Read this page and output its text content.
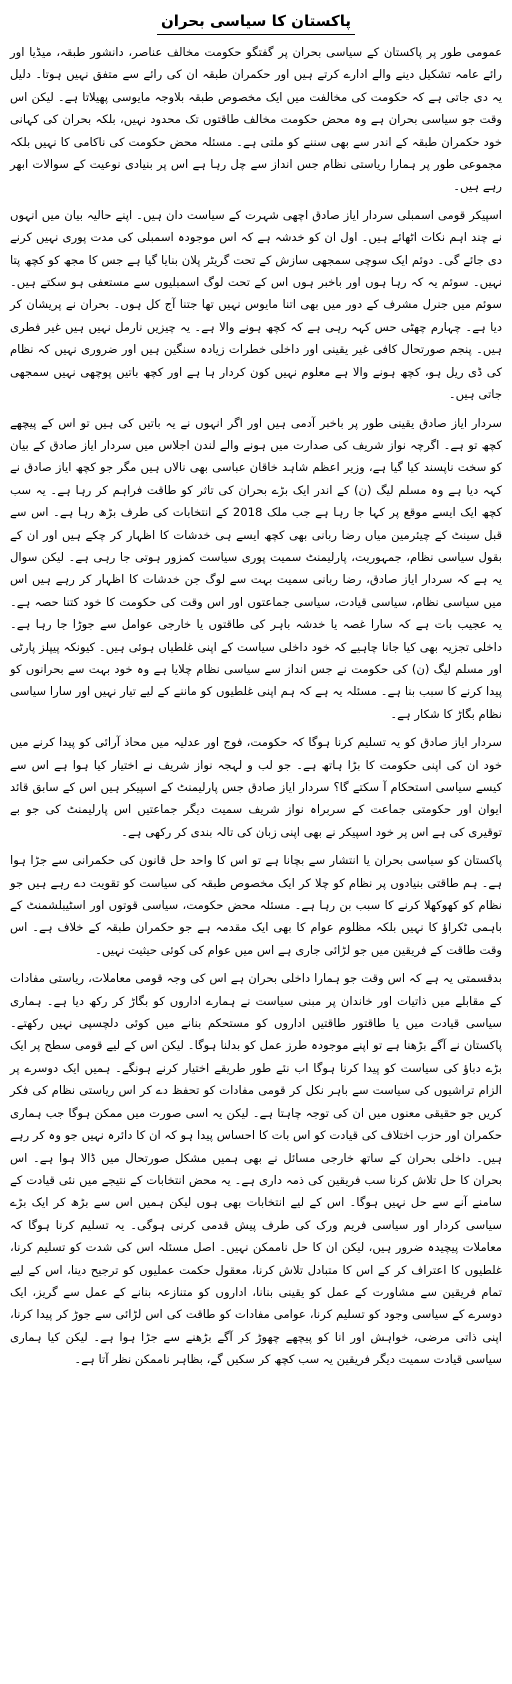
پاکستان کا سیاسی بحران

عمومی طور پر پاکستان کے سیاسی بحران پر گفتگو حکومت مخالف عناصر، دانشور طبقہ، میڈیا اور رائے عامہ تشکیل دینے والے ادارے کرتے ہیں اور حکمران طبقہ ان کی رائے سے متفق نہیں ہوتا۔ دلیل یہ دی جاتی ہے کہ حکومت کی مخالفت میں ایک مخصوص طبقہ بلاوجہ مایوسی پھیلاتا ہے۔ لیکن اس وقت جو سیاسی بحران ہے وہ محض حکومت مخالف طاقتوں تک محدود نہیں، بلکہ بحران کی کہانی خود حکمران طبقہ کے اندر سے بھی سننے کو ملتی ہے۔ مسئلہ محض حکومت کی ناکامی کا نہیں بلکہ مجموعی طور پر ہمارا ریاستی نظام جس انداز سے چل رہا ہے اس پر بنیادی نوعیت کے سوالات ابھر رہے ہیں۔

اسپیکر قومی اسمبلی سردار ایاز صادق اچھی شہرت کے سیاست دان ہیں۔ اپنے حالیہ بیان میں انہوں نے چند اہم نکات اٹھائے ہیں۔ اول ان کو خدشہ ہے کہ اس موجودہ اسمبلی کی مدت پوری نہیں کرنے دی جائے گی۔ دوئم ایک سوچی سمجھی سازش کے تحت گریٹر پلان بنایا گیا ہے جس کا مجھ کو کچھ پتا نہیں۔ سوئم یہ کہ رہا ہوں اور باخبر ہوں اس کے تحت لوگ اسمبلیوں سے مستعفی ہو سکتے ہیں۔ سوئم میں جنرل مشرف کے دور میں بھی اتنا مایوس نہیں تھا جتنا آج کل ہوں۔ بحران نے پریشان کر دیا ہے۔ چہارم چھٹی حس کہہ رہی ہے کہ کچھ ہونے والا ہے۔ یہ چیزیں نارمل نہیں ہیں غیر فطری ہیں۔ پنجم صورتحال کافی غیر یقینی اور داخلی خطرات زیادہ سنگین ہیں اور ضروری نہیں کہ نظام کی ڈی ریل ہو، کچھ ہونے والا ہے معلوم نہیں کون کردار ہا ہے اور کچھ باتیں پوچھی نہیں سمجھی جاتی ہیں۔

سردار ایاز صادق یقینی طور پر باخبر آدمی ہیں اور اگر انہوں نے یہ باتیں کی ہیں تو اس کے پیچھے کچھ تو ہے۔ اگرچہ نواز شریف کی صدارت میں ہونے والے لندن اجلاس میں سردار ایاز صادق کے بیان کو سخت ناپسند کیا گیا ہے، وزیر اعظم شاہد خاقان عباسی بھی نالاں ہیں مگر جو کچھ ایاز صادق نے کہہ دیا ہے وہ مسلم لیگ (ن) کے اندر ایک بڑے بحران کی تاثر کو طاقت فراہم کر رہا ہے۔ یہ سب کچھ ایک ایسے موقع پر کہا جا رہا ہے جب ملک 2018 کے انتخابات کی طرف بڑھ رہا ہے۔ اس سے قبل سینٹ کے چیئرمین میاں رضا ربانی بھی کچھ ایسے ہی خدشات کا اظہار کر چکے ہیں اور ان کے بقول سیاسی نظام، جمہوریت، پارلیمنٹ سمیت پوری سیاست کمزور ہوتی جا رہی ہے۔ لیکن سوال یہ ہے کہ سردار ایاز صادق، رضا ربانی سمیت بہت سے لوگ جن خدشات کا اظہار کر رہے ہیں اس میں سیاسی نظام، سیاسی قیادت، سیاسی جماعتوں اور اس وقت کی حکومت کا خود کتنا حصہ ہے۔ یہ عجیب بات ہے کہ سارا غصہ یا خدشہ باہر کی طاقتوں یا خارجی عوامل سے جوڑا جا رہا ہے۔ داخلی تجزیہ بھی کیا جانا چاہیے کہ خود داخلی سیاست کے اپنی غلطیاں ہوئی ہیں۔ کیونکہ پیپلز پارٹی اور مسلم لیگ (ن) کی حکومت نے جس انداز سے سیاسی نظام چلایا ہے وہ خود بہت سے بحرانوں کو پیدا کرنے کا سبب بنا ہے۔ مسئلہ یہ ہے کہ ہم اپنی غلطیوں کو ماننے کے لیے تیار نہیں اور سارا سیاسی نظام بگاڑ کا شکار ہے۔

سردار ایاز صادق کو یہ تسلیم کرنا ہوگا کہ حکومت، فوج اور عدلیہ میں محاذ آرائی کو پیدا کرنے میں خود ان کی اپنی حکومت کا بڑا ہاتھ ہے۔ جو لب و لہجہ نواز شریف نے اختیار کیا ہوا ہے اس سے کیسے سیاسی استحکام آ سکتے گا؟ سردار ایاز صادق جس پارلیمنٹ کے اسپیکر ہیں اس کے سابق قائد ایوان اور حکومتی جماعت کے سربراہ نواز شریف سمیت دیگر جماعتیں اس پارلیمنٹ کی جو بے توقیری کی ہے اس پر خود اسپیکر نے بھی اپنی زبان کی تالہ بندی کر رکھی ہے۔

پاکستان کو سیاسی بحران یا انتشار سے بچانا ہے تو اس کا واحد حل قانون کی حکمرانی سے جڑا ہوا ہے۔ ہم طاقتی بنیادوں پر نظام کو چلا کر ایک مخصوص طبقہ کی سیاست کو تقویت دے رہے ہیں جو نظام کو کھوکھلا کرنے کا سبب بن رہا ہے۔ مسئلہ محض حکومت، سیاسی قوتوں اور اسٹیبلشمنٹ کے باہمی ٹکراؤ کا نہیں بلکہ مظلوم عوام کا بھی ایک مقدمہ ہے جو حکمران طبقہ کے خلاف ہے۔ اس وقت طاقت کے فریقین میں جو لڑائی جاری ہے اس میں عوام کی کوئی حیثیت نہیں۔

بدقسمتی یہ ہے کہ اس وقت جو ہمارا داخلی بحران ہے اس کی وجہ قومی معاملات، ریاستی مفادات کے مقابلے میں ذاتیات اور خاندان پر مبنی سیاست نے ہمارے اداروں کو بگاڑ کر رکھ دیا ہے۔ ہماری سیاسی قیادت میں یا طاقتور طاقتیں اداروں کو مستحکم بنانے میں کوئی دلچسپی نہیں رکھتے۔ پاکستان نے آگے بڑھنا ہے تو اپنے موجودہ طرز عمل کو بدلنا ہوگا۔ لیکن اس کے لیے قومی سطح پر ایک بڑے دباؤ کی سیاست کو پیدا کرنا ہوگا اب نئے طور طریقے اختیار کرنے ہونگے۔ ہمیں ایک دوسرے پر الزام تراشیوں کی سیاست سے باہر نکل کر قومی مفادات کو تحفظ دے کر اس ریاستی نظام کی فکر کریں جو حقیقی معنوں میں ان کی توجہ چاہتا ہے۔ لیکن یہ اسی صورت میں ممکن ہوگا جب ہماری حکمران اور حزب اختلاف کی قیادت کو اس بات کا احساس پیدا ہو کہ ان کا دائرہ نہیں جو وہ کر رہے ہیں۔ داخلی بحران کے ساتھ خارجی مسائل نے بھی ہمیں مشکل صورتحال میں ڈالا ہوا ہے۔ اس بحران کا حل تلاش کرنا سب فریقین کی ذمہ داری ہے۔ یہ محض انتخابات کے نتیجے میں نئی قیادت کے سامنے آنے سے حل نہیں ہوگا۔ اس کے لیے انتخابات بھی ہوں لیکن ہمیں اس سے بڑھ کر ایک بڑے سیاسی کردار اور سیاسی فریم ورک کی طرف پیش قدمی کرنی ہوگی۔ یہ تسلیم کرنا ہوگا کہ معاملات پیچیدہ ضرور ہیں، لیکن ان کا حل ناممکن نہیں۔ اصل مسئلہ اس کی شدت کو تسلیم کرنا، غلطیوں کا اعتراف کر کے اس کا متبادل تلاش کرنا، معقول حکمت عملیوں کو ترجیح دینا، اس کے لیے تمام فریقین سے مشاورت کے عمل کو یقینی بنانا، اداروں کو متنازعہ بنانے کے عمل سے گریز، ایک دوسرے کے سیاسی وجود کو تسلیم کرنا، عوامی مفادات کو طاقت کی اس لڑائی سے جوڑ کر پیدا کرنا، اپنی ذاتی مرضی، خواہش اور انا کو پیچھے چھوڑ کر آگے بڑھنے سے جڑا ہوا ہے۔ لیکن کیا ہماری سیاسی قیادت سمیت دیگر فریقین یہ سب کچھ کر سکیں گے، بظاہر ناممکن نظر آتا ہے۔
